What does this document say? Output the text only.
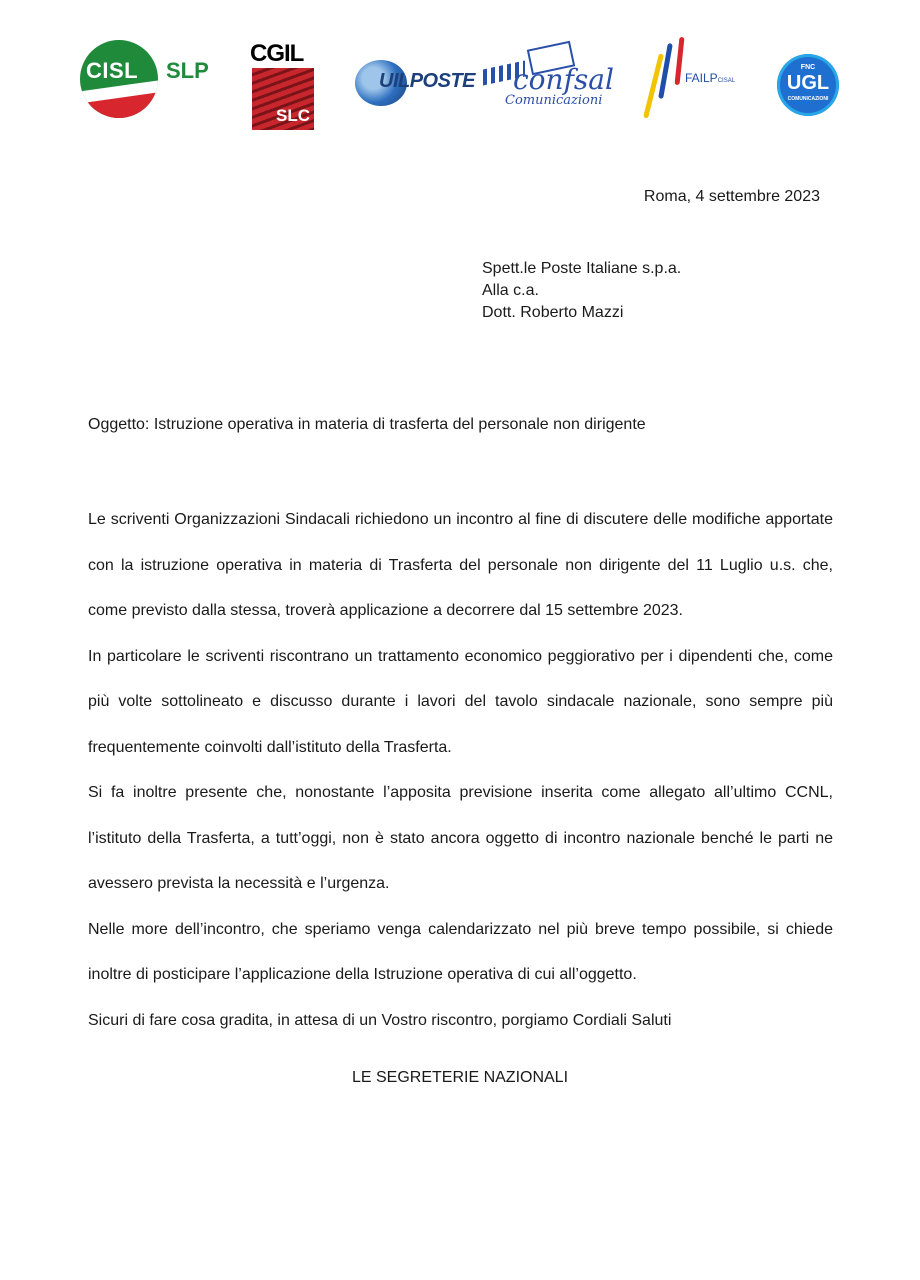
CISL SLP
CGIL
SLC
UILPOSTE confsal
Comunicazioni
FAILPCISAL
FNC
UGL
COMUNICAZIONI
Roma, 4 settembre 2023
Spett.le Poste Italiane s.p.a.
Alla c.a.
Dott. Roberto Mazzi
Oggetto: Istruzione operativa in materia di trasferta del personale non dirigente

Le scriventi Organizzazioni Sindacali richiedono un incontro al fine di discutere delle modifiche apportate con la istruzione operativa in materia di Trasferta del personale non dirigente del 11 Luglio u.s. che, come previsto dalla stessa, troverà applicazione a decorrere dal 15 settembre 2023.

In particolare le scriventi riscontrano un trattamento economico peggiorativo per i dipendenti che, come più volte sottolineato e discusso durante i lavori del tavolo sindacale nazionale, sono sempre più frequentemente coinvolti dall’istituto della Trasferta.

Si fa inoltre presente che, nonostante l’apposita previsione inserita come allegato all’ultimo CCNL, l’istituto della Trasferta, a tutt’oggi, non è stato ancora oggetto di incontro nazionale benché le parti ne avessero prevista la necessità e l’urgenza.

Nelle more dell’incontro, che speriamo venga calendarizzato nel più breve tempo possibile, si chiede inoltre di posticipare l’applicazione della Istruzione operativa di cui all’oggetto.

Sicuri di fare cosa gradita, in attesa di un Vostro riscontro, porgiamo Cordiali Saluti

LE SEGRETERIE NAZIONALI
